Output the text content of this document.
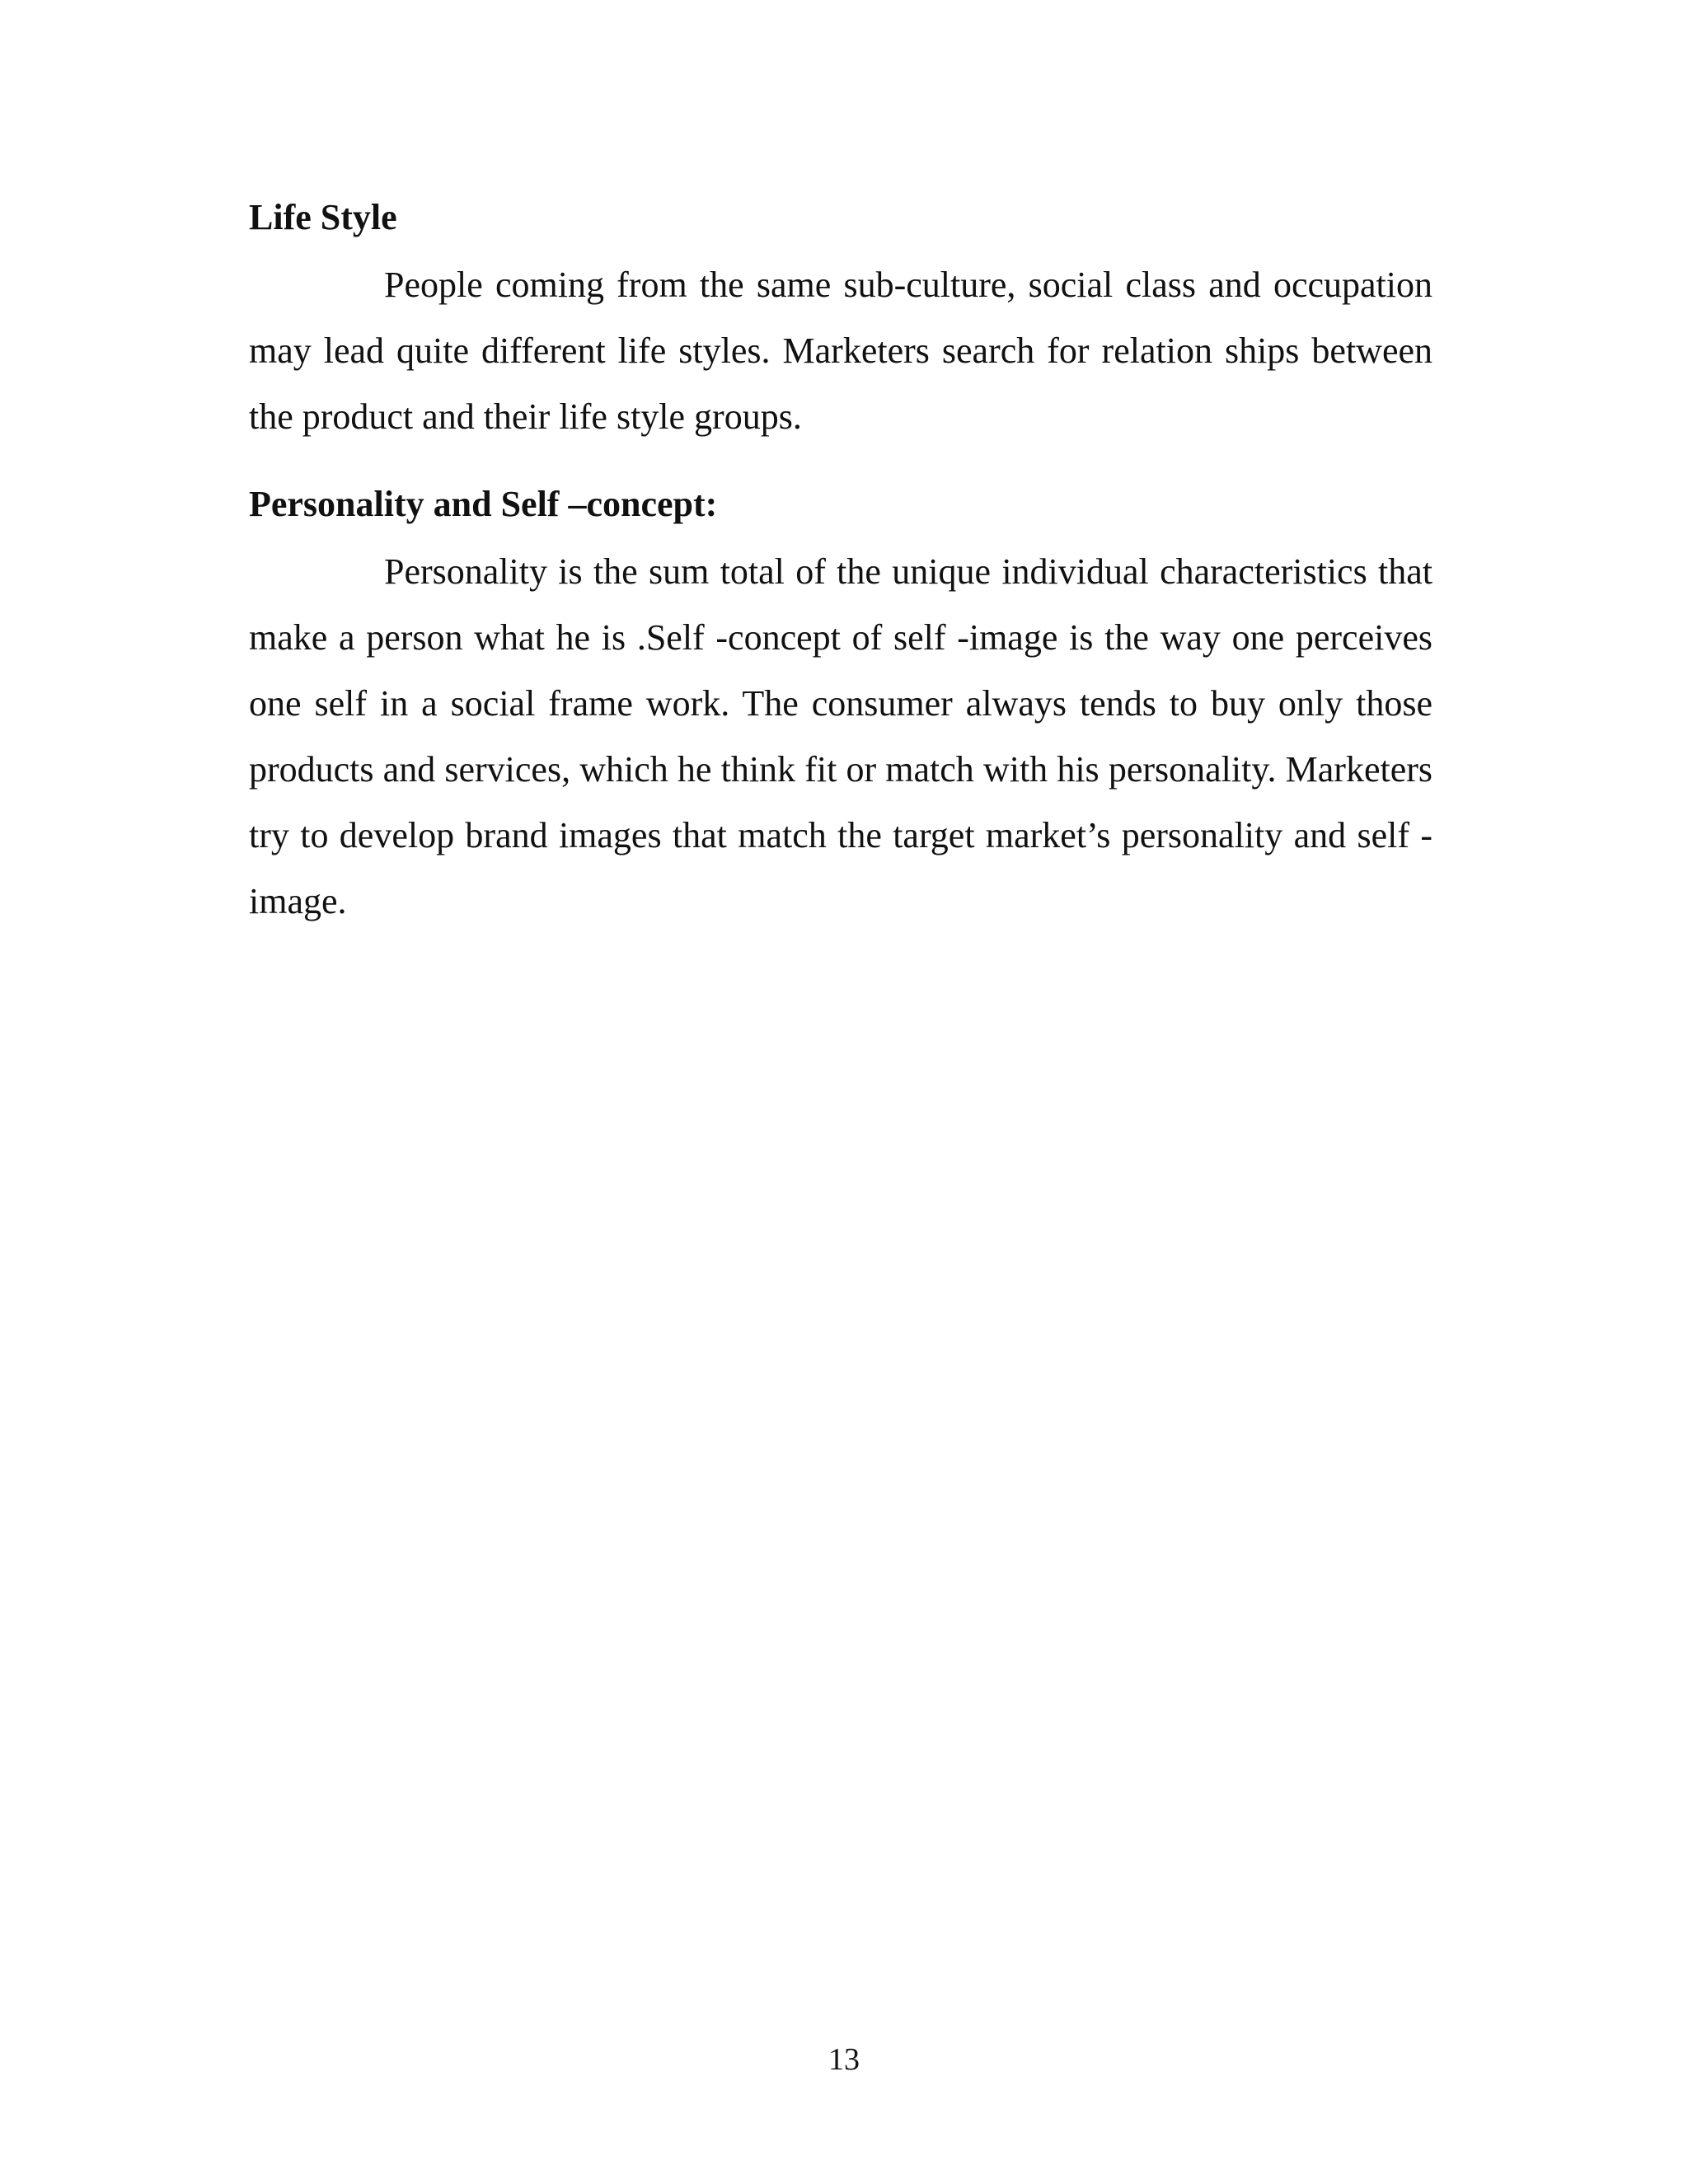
Life Style

People coming from the same sub-culture, social class and occupation may lead quite different life styles. Marketers search for relation ships between the product and their life style groups.

Personality and Self –concept:

Personality is the sum total of the unique individual characteristics that make a person what he is .Self -concept of self -image is the way one perceives one self in a social frame work. The consumer always tends to buy only those products and services, which he think fit or match with his personality. Marketers try to develop brand images that match the target market’s personality and self -image.

13
